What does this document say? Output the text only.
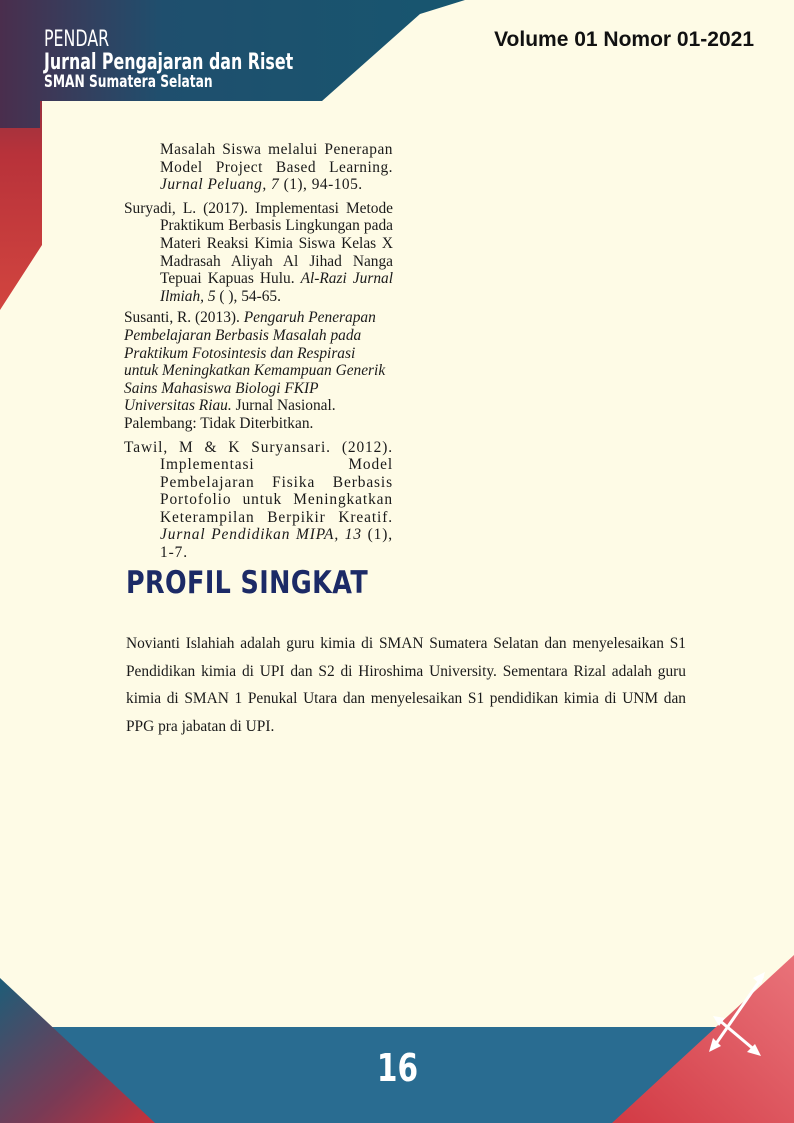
PENDAR
Jurnal Pengajaran dan Riset
SMAN Sumatera Selatan
Volume 01 Nomor 01-2021
Masalah Siswa melalui Penerapan Model Project Based Learning. Jurnal Peluang, 7 (1), 94-105.
Suryadi, L. (2017). Implementasi Metode Praktikum Berbasis Lingkungan pada Materi Reaksi Kimia Siswa Kelas X Madrasah Aliyah Al Jihad Nanga Tepuai Kapuas Hulu. Al-Razi Jurnal Ilmiah, 5 ( ), 54-65.
Susanti, R. (2013). Pengaruh Penerapan Pembelajaran Berbasis Masalah pada Praktikum Fotosintesis dan Respirasi untuk Meningkatkan Kemampuan Generik Sains Mahasiswa Biologi FKIP Universitas Riau. Jurnal Nasional. Palembang: Tidak Diterbitkan.
Tawil, M & K Suryansari. (2012). Implementasi Model Pembelajaran Fisika Berbasis Portofolio untuk Meningkatkan Keterampilan Berpikir Kreatif. Jurnal Pendidikan MIPA, 13 (1), 1-7.
PROFIL SINGKAT
Novianti Islahiah adalah guru kimia di SMAN Sumatera Selatan dan menyelesaikan S1 Pendidikan kimia di UPI dan S2 di Hiroshima University. Sementara Rizal adalah guru kimia di SMAN 1 Penukal Utara dan menyelesaikan S1 pendidikan kimia di UNM dan PPG pra jabatan di UPI.
16
